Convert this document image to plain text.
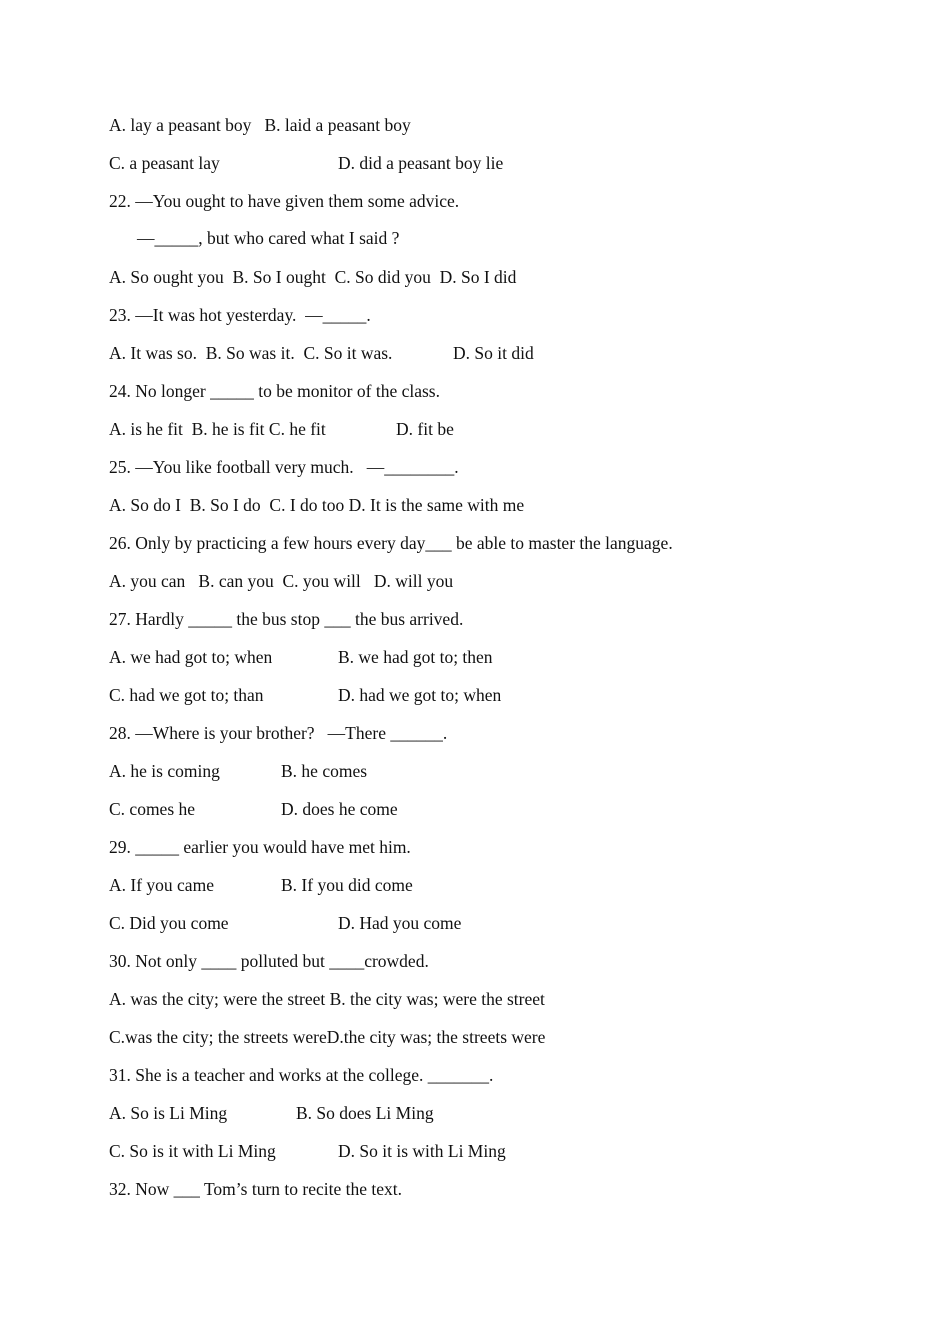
A. lay a peasant boy   B. laid a peasant boy
C. a peasant lay	D. did a peasant boy lie
22. —You ought to have given them some advice.
—_____, but who cared what I said ?
A. So ought you  B. So I ought  C. So did you  D. So I did
23. —It was hot yesterday.  —_____.
A. It was so.  B. So was it.  C. So it was.	D. So it did
24. No longer _____ to be monitor of the class.
A. is he fit  B. he is fit C. he fit	D. fit be
25. —You like football very much.   —________.
A. So do I  B. So I do  C. I do too D. It is the same with me
26. Only by practicing a few hours every day___ be able to master the language.
A. you can   B. can you  C. you will   D. will you
27. Hardly _____ the bus stop ___ the bus arrived.
A. we had got to; when	B. we had got to; then
C. had we got to; than	D. had we got to; when
28. —Where is your brother?   —There ______.
A. he is coming	B. he comes
C. comes he	D. does he come
29. _____ earlier you would have met him.
A. If you came	B. If you did come
C. Did you come	D. Had you come
30. Not only ____ polluted but ____crowded.
A. was the city; were the street B. the city was; were the street
C.was the city; the streets wereD.the city was; the streets were
31. She is a teacher and works at the college. _______.
A. So is Li Ming	B. So does Li Ming
C. So is it with Li Ming	D. So it is with Li Ming
32. Now ___ Tom’s turn to recite the text.
